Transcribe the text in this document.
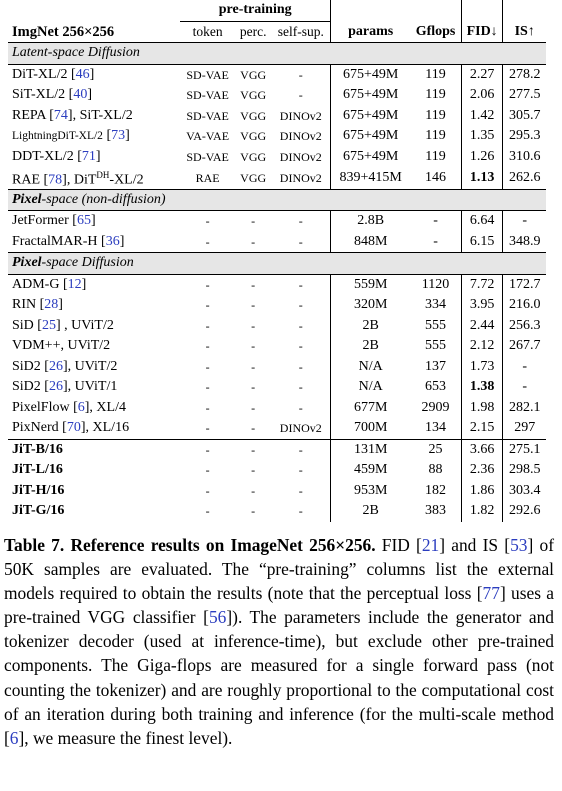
	pre-training						
ImgNet 256×256	token	perc.	self-sup.	params	Gflops	FID↓	IS↑
Latent-space Diffusion							
DiT-XL/2 [46]	SD-VAE	VGG	-	675+49M	119	2.27	278.2
SiT-XL/2 [40]	SD-VAE	VGG	-	675+49M	119	2.06	277.5
REPA [74], SiT-XL/2	SD-VAE	VGG	DINOv2	675+49M	119	1.42	305.7
LightningDiT-XL/2 [73]	VA-VAE	VGG	DINOv2	675+49M	119	1.35	295.3
DDT-XL/2 [71]	SD-VAE	VGG	DINOv2	675+49M	119	1.26	310.6
RAE [78], DiT$^{DH}$-XL/2	RAE	VGG	DINOv2	839+415M	146	1.13	262.6
Pixel-space (non-diffusion)							
JetFormer [65]	-	-	-	2.8B	-	6.64	-
FractalMAR-H [36]	-	-	-	848M	-	6.15	348.9
Pixel-space Diffusion							
ADM-G [12]	-	-	-	559M	1120	7.72	172.7
RIN [28]	-	-	-	320M	334	3.95	216.0
SiD [25] , UViT/2	-	-	-	2B	555	2.44	256.3
VDM++, UViT/2	-	-	-	2B	555	2.12	267.7
SiD2 [26], UViT/2	-	-	-	N/A	137	1.73	-
SiD2 [26], UViT/1	-	-	-	N/A	653	1.38	-
PixelFlow [6], XL/4	-	-	-	677M	2909	1.98	282.1
PixNerd [70], XL/16	-	-	DINOv2	700M	134	2.15	297
JiT-B/16	-	-	-	131M	25	3.66	275.1
JiT-L/16	-	-	-	459M	88	2.36	298.5
JiT-H/16	-	-	-	953M	182	1.86	303.4
JiT-G/16	-	-	-	2B	383	1.82	292.6
Table 7. Reference results on ImageNet 256×256. FID [21] and IS [53] of 50K samples are evaluated. The “pre-training” columns list the external models required to obtain the results (note that the perceptual loss [77] uses a pre-trained VGG classifier [56]). The parameters include the generator and tokenizer decoder (used at inference-time), but exclude other pre-trained components. The Giga-flops are measured for a single forward pass (not counting the tokenizer) and are roughly proportional to the computational cost of an iteration during both training and inference (for the multi-scale method [6], we measure the finest level).
